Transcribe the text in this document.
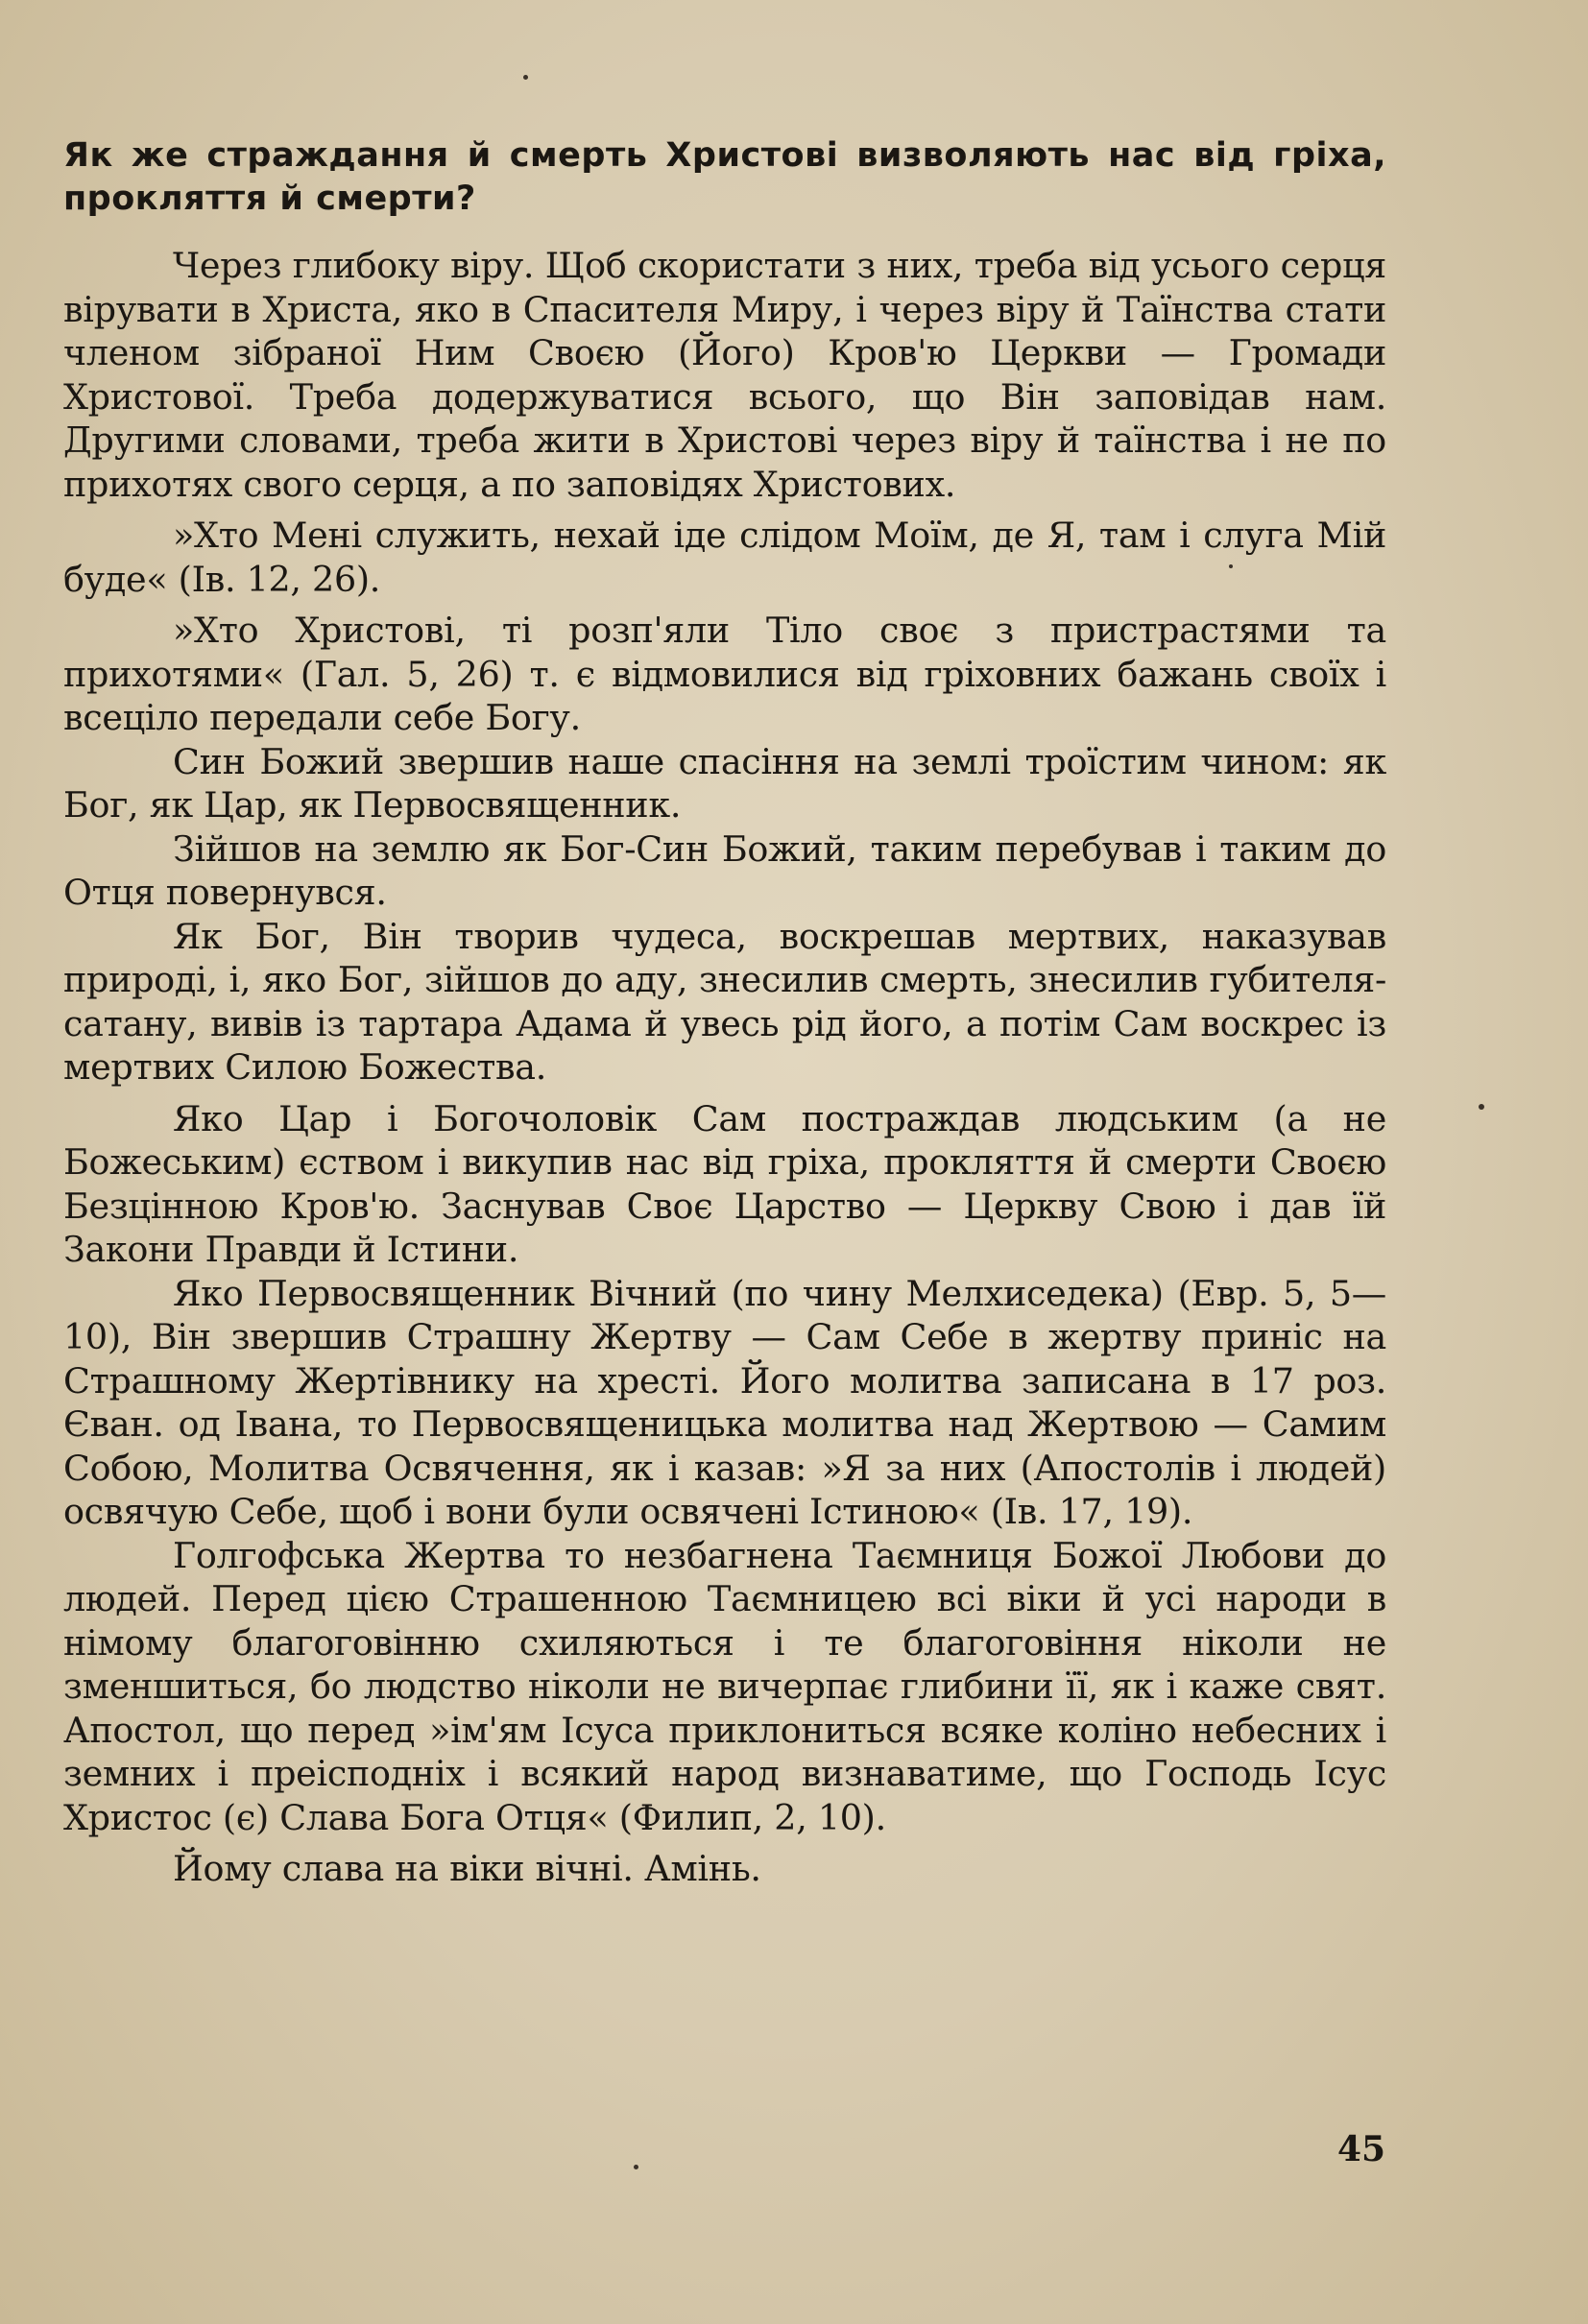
Як же страждання й смерть Христові визволяють нас від гріха, прокляття й смерти?

Через глибоку віру. Щоб скористати з них, треба від усього серця вірувати в Христа, яко в Спасителя Миру, і через віру й Таїнства стати членом зібраної Ним Своєю (Його) Кров'ю Церкви — Громади Христової. Треба додержуватися всього, що Він заповідав нам. Другими словами, треба жити в Христові через віру й таїнства і не по прихотях свого серця, а по заповідях Христових.

»Хто Мені служить, нехай іде слідом Моїм, де Я, там і слуга Мій буде« (Ів. 12, 26).

»Хто Христові, ті розп'яли Тіло своє з пристрастями та прихотями« (Гал. 5, 26) т. є відмовилися від гріховних бажань своїх і всеціло передали себе Богу.

Син Божий звершив наше спасіння на землі троїстим чином: як Бог, як Цар, як Первосвященник.

Зійшов на землю як Бог-Син Божий, таким перебував і таким до Отця повернувся.

Як Бог, Він творив чудеса, воскрешав мертвих, наказував природі, і, яко Бог, зійшов до аду, знесилив смерть, знесилив губителя-сатану, вивів із тартара Адама й увесь рід його, а потім Сам воскрес із мертвих Силою Божества.

Яко Цар і Богочоловік Сам постраждав людським (а не Божеським) єством і викупив нас від гріха, прокляття й смерти Своєю Безцінною Кров'ю. Заснував Своє Царство — Церкву Свою і дав їй Закони Правди й Істини.

Яко Первосвященник Вічний (по чину Мелхиседека) (Евр. 5, 5—10), Він звершив Страшну Жертву — Сам Себе в жертву приніс на Страшному Жертівнику на хресті. Його молитва записана в 17 роз. Єван. од Івана, то Первосвященицька молитва над Жертвою — Самим Собою, Молитва Освячення, як і казав: »Я за них (Апостолів і людей) освячую Себе, щоб і вони були освячені Істиною« (Ів. 17, 19).

Голгофська Жертва то незбагнена Таємниця Божої Любови до людей. Перед цією Страшенною Таємницею всі віки й усі народи в німому благоговінню схиляються і те благоговіння ніколи не зменшиться, бо людство ніколи не вичерпає глибини її, як і каже свят. Апостол, що перед »ім'ям Ісуса приклониться всяке коліно небесних і земних і преісподніх і всякий народ визнаватиме, що Господь Ісус Христос (є) Слава Бога Отця« (Филип, 2, 10).

Йому слава на віки вічні. Амінь.

45
